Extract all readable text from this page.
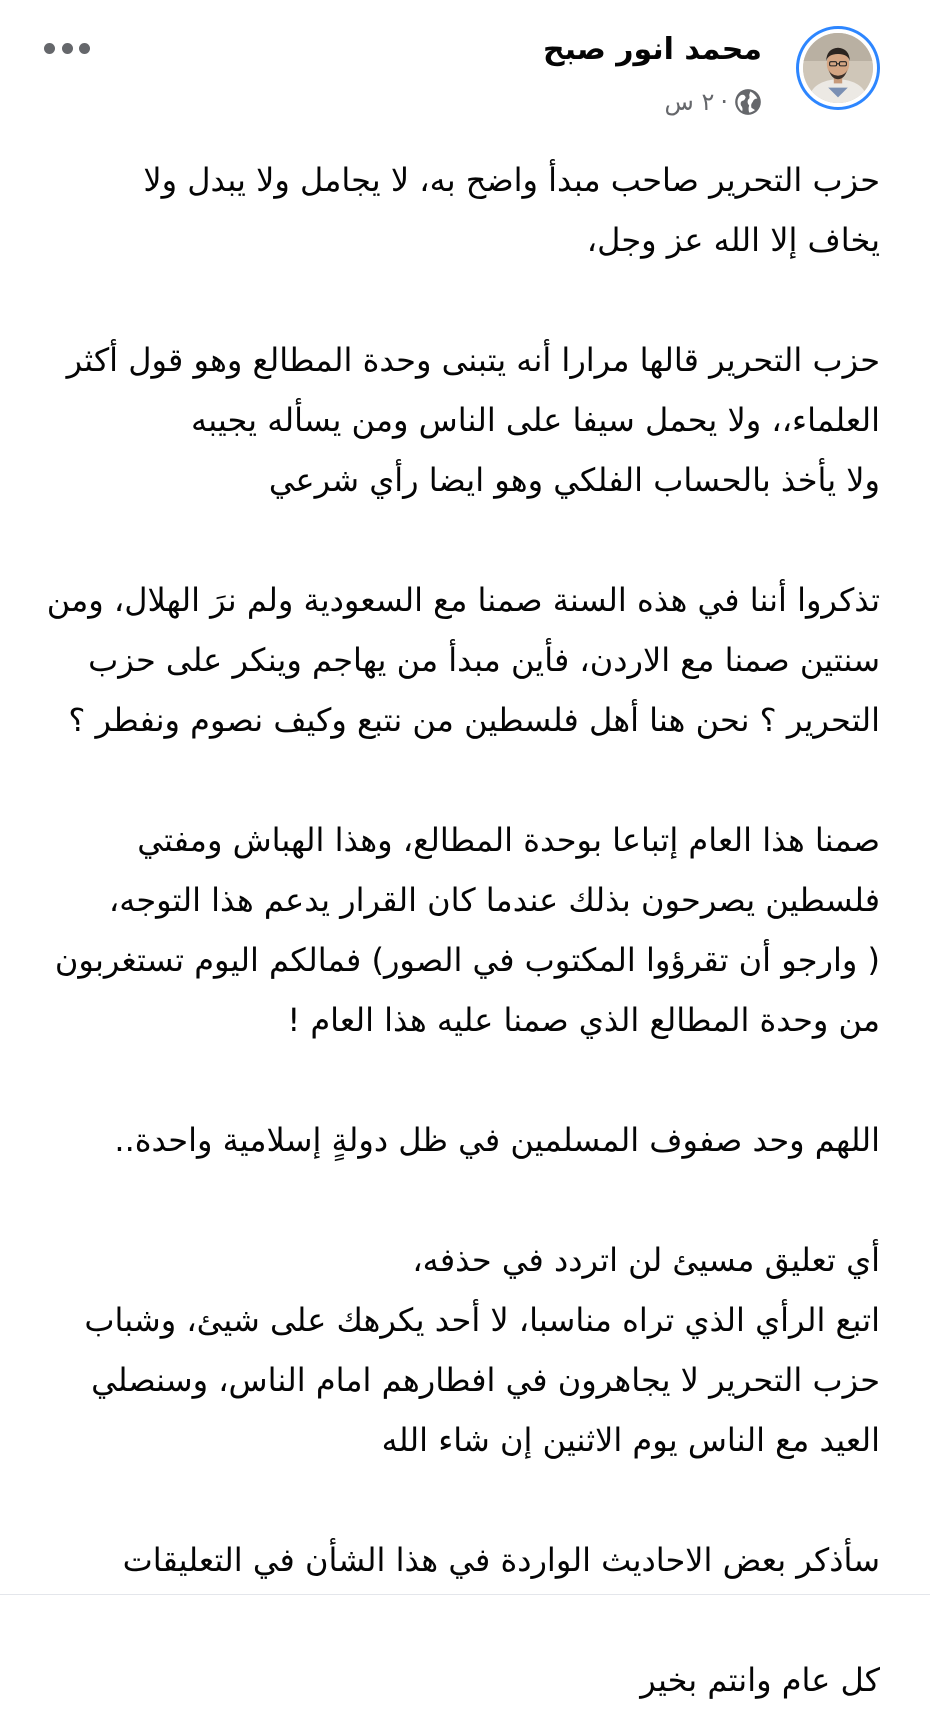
محمد انور صبح
٢ س ·

حزب التحرير صاحب مبدأ واضح به، لا يجامل ولا يبدل ولا
يخاف إلا الله عز وجل،

حزب التحرير قالها مرارا أنه يتبنى وحدة المطالع وهو قول أكثر
العلماء،، ولا يحمل سيفا على الناس ومن يسأله يجيبه
ولا يأخذ بالحساب الفلكي وهو ايضا رأي شرعي

تذكروا أننا في هذه السنة صمنا مع السعودية ولم نرَ الهلال، ومن
سنتين صمنا مع الاردن، فأين مبدأ من يهاجم وينكر على حزب
التحرير ؟ نحن هنا أهل فلسطين من نتبع وكيف نصوم ونفطر ؟

صمنا هذا العام إتباعا بوحدة المطالع، وهذا الهباش ومفتي
فلسطين يصرحون بذلك عندما كان القرار يدعم هذا التوجه،
( وارجو أن تقرؤوا المكتوب في الصور) فمالكم اليوم تستغربون
من وحدة المطالع الذي صمنا عليه هذا العام !

اللهم وحد صفوف المسلمين في ظل دولةٍ إسلامية واحدة..

أي تعليق مسيئ لن اتردد في حذفه،
اتبع الرأي الذي تراه مناسبا، لا أحد يكرهك على شيئ، وشباب
حزب التحرير لا يجاهرون في افطارهم امام الناس، وسنصلي
العيد مع الناس يوم الاثنين إن شاء الله

سأذكر بعض الاحاديث الواردة في هذا الشأن في التعليقات

كل عام وانتم بخير
